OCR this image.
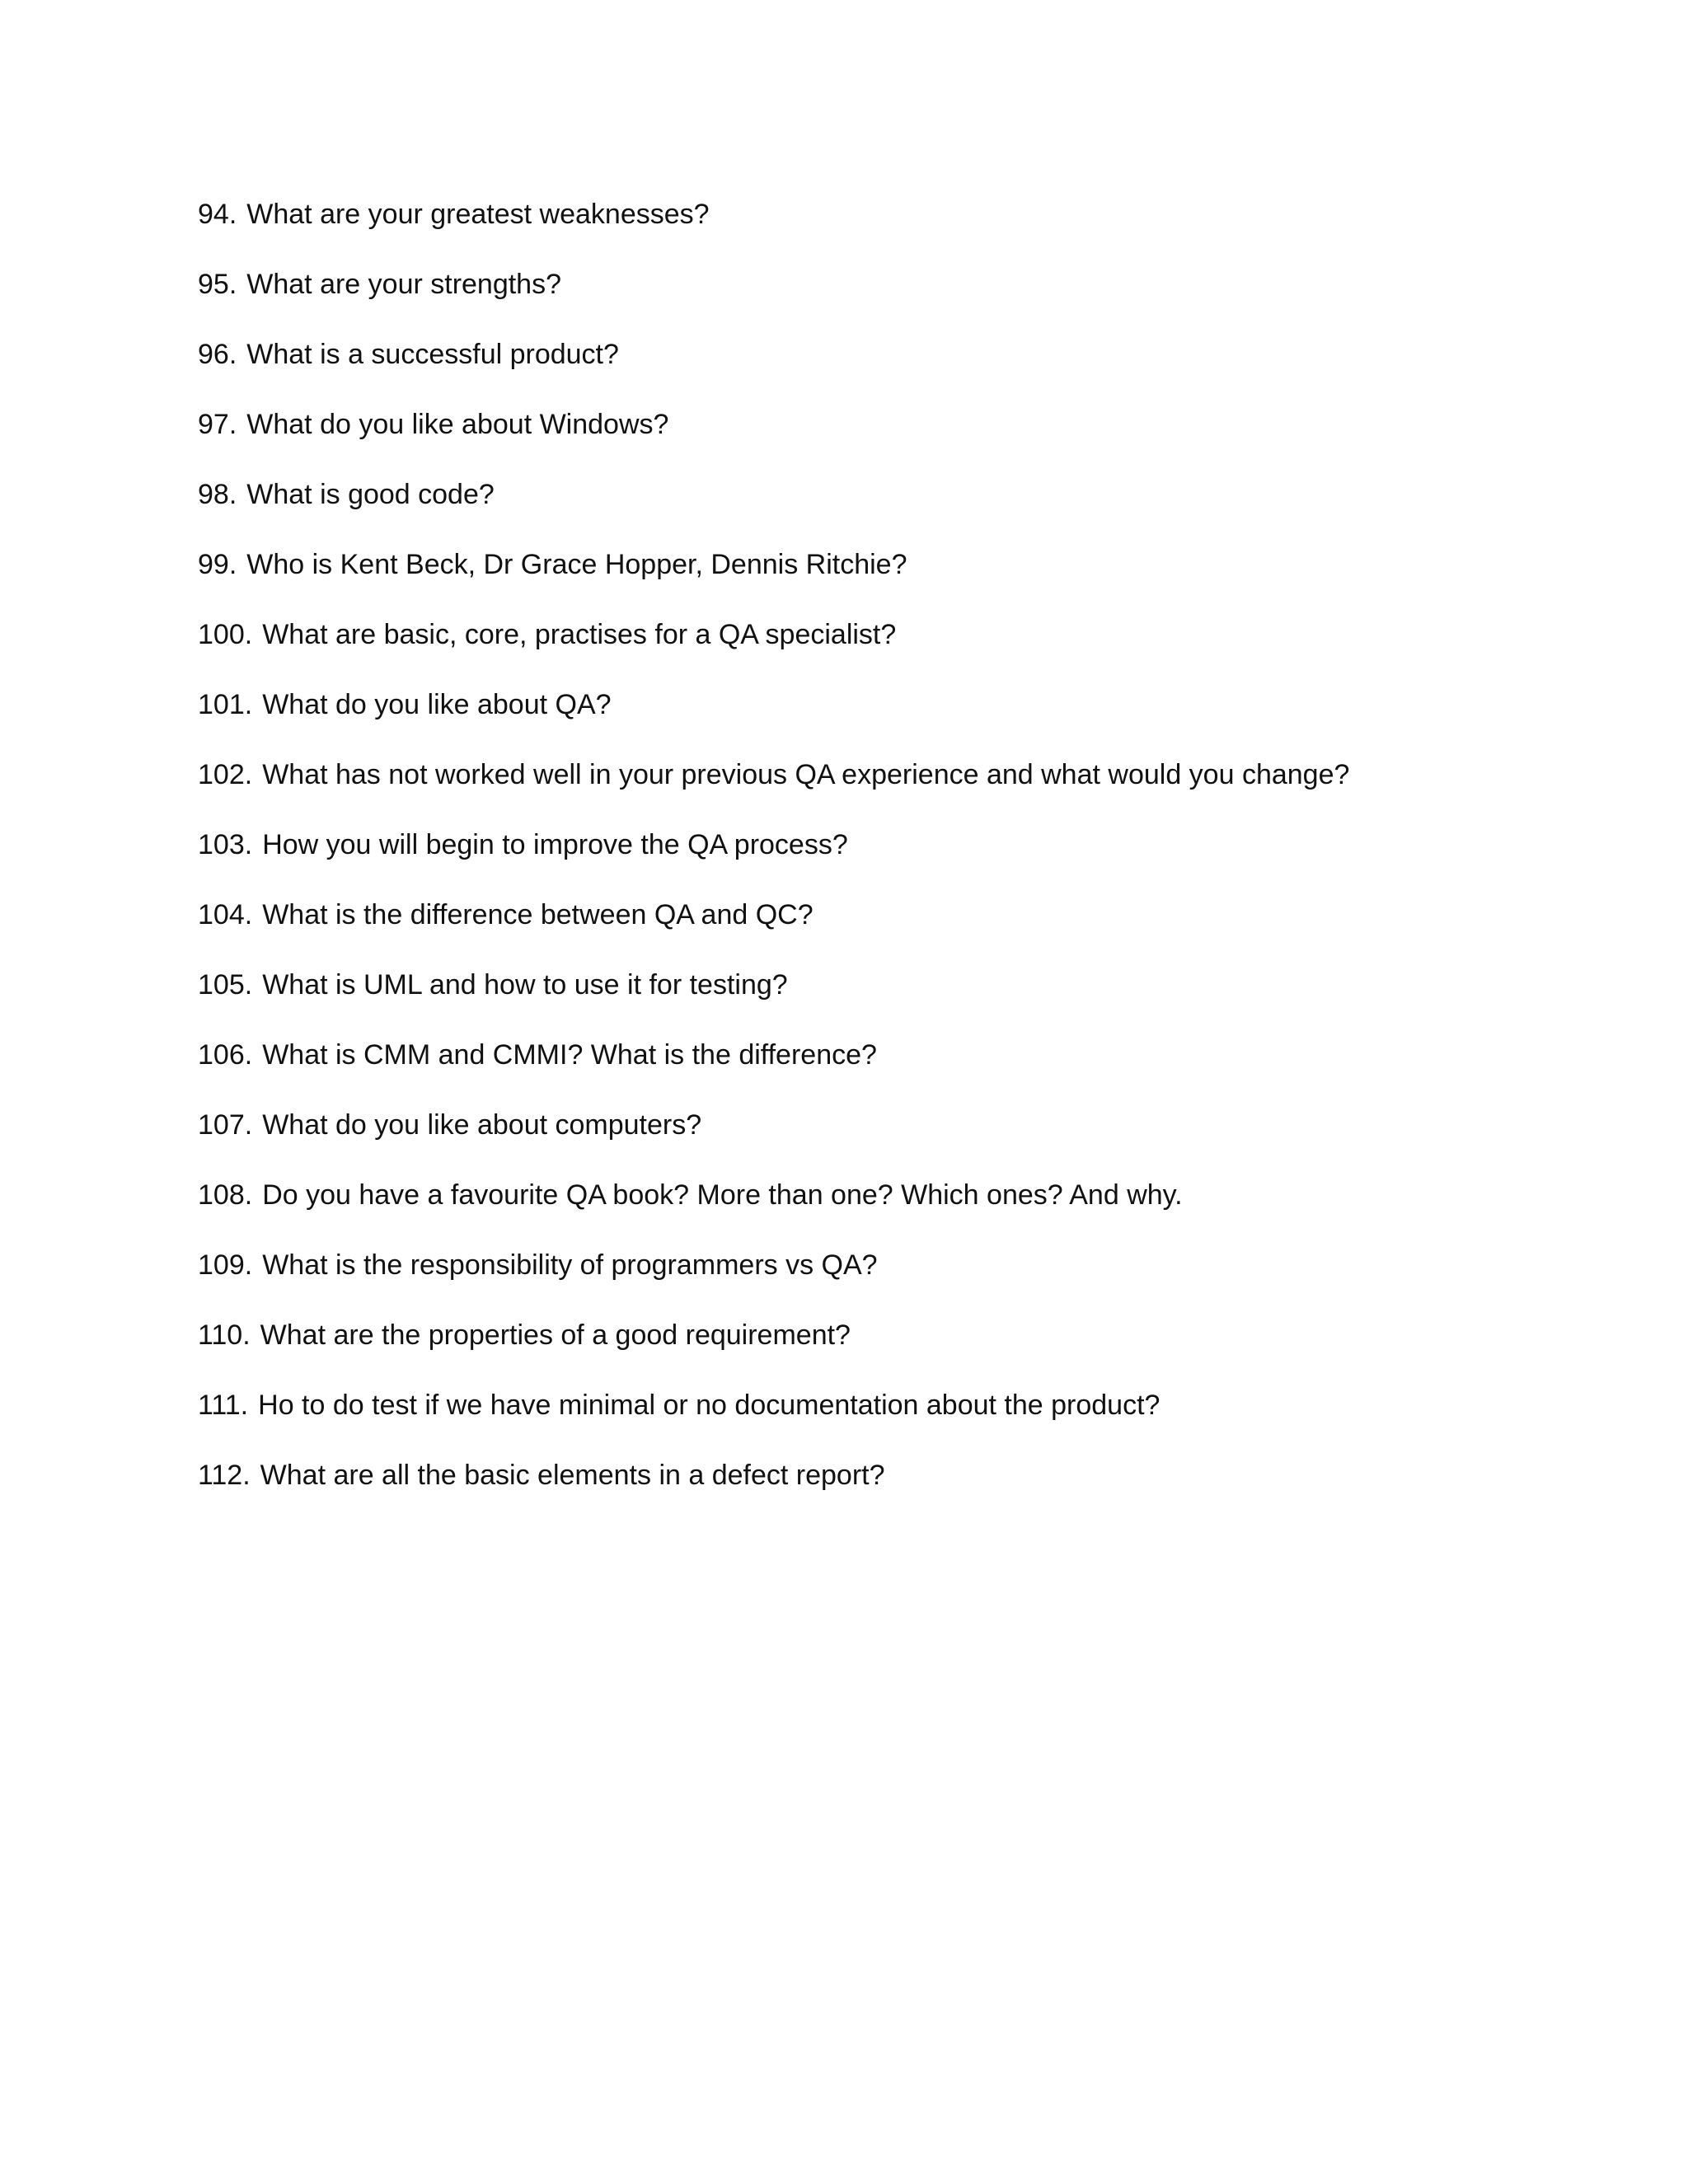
94. What are your greatest weaknesses?
95. What are your strengths?
96. What is a successful product?
97. What do you like about Windows?
98. What is good code?
99. Who is Kent Beck, Dr Grace Hopper, Dennis Ritchie?
100. What are basic, core, practises for a QA specialist?
101. What do you like about QA?
102. What has not worked well in your previous QA experience and what would you change?
103. How you will begin to improve the QA process?
104. What is the difference between QA and QC?
105. What is UML and how to use it for testing?
106. What is CMM and CMMI? What is the difference?
107. What do you like about computers?
108. Do you have a favourite QA book? More than one? Which ones? And why.
109. What is the responsibility of programmers vs QA?
110. What are the properties of a good requirement?
111. Ho to do test if we have minimal or no documentation about the product?
112. What are all the basic elements in a defect report?
